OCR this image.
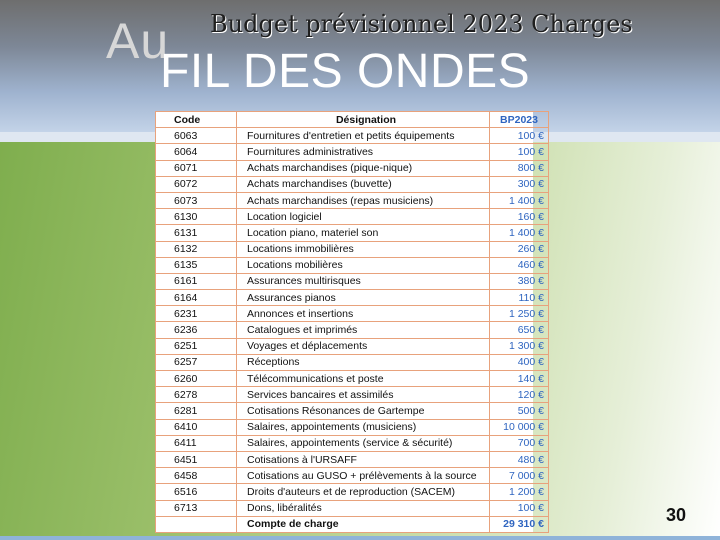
Au
FIL DES ONDES
Budget prévisionnel 2023 Charges
Code	Désignation	BP2023
6063	Fournitures d'entretien et petits équipements	100 €
6064	Fournitures administratives	100 €
6071	Achats marchandises (pique-nique)	800 €
6072	Achats marchandises (buvette)	300 €
6073	Achats marchandises (repas musiciens)	1 400 €
6130	Location logiciel	160 €
6131	Location piano, materiel son	1 400 €
6132	Locations immobilières	260 €
6135	Locations mobilières	460 €
6161	Assurances multirisques	380 €
6164	Assurances pianos	110 €
6231	Annonces et insertions	1 250 €
6236	Catalogues et imprimés	650 €
6251	Voyages et déplacements	1 300 €
6257	Réceptions	400 €
6260	Télécommunications et poste	140 €
6278	Services bancaires et assimilés	120 €
6281	Cotisations Résonances de Gartempe	500 €
6410	Salaires, appointements (musiciens)	10 000 €
6411	Salaires, appointements (service & sécurité)	700 €
6451	Cotisations à l'URSAFF	480 €
6458	Cotisations au GUSO + prélèvements à la source	7 000 €
6516	Droits d'auteurs et de reproduction (SACEM)	1 200 €
6713	Dons, libéralités	100 €
	Compte de charge	29 310 €	30
